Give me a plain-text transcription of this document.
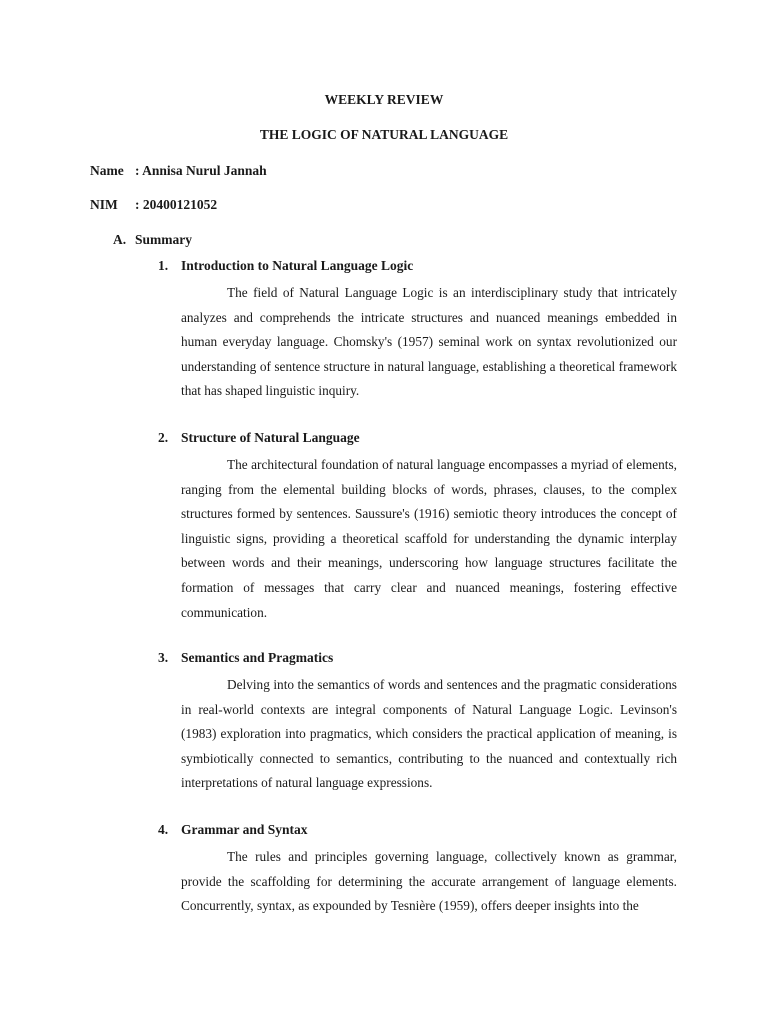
WEEKLY REVIEW
THE LOGIC OF NATURAL LANGUAGE
Name : Annisa Nurul Jannah
NIM : 20400121052
A. Summary
1. Introduction to Natural Language Logic

The field of Natural Language Logic is an interdisciplinary study that intricately analyzes and comprehends the intricate structures and nuanced meanings embedded in human everyday language. Chomsky's (1957) seminal work on syntax revolutionized our understanding of sentence structure in natural language, establishing a theoretical framework that has shaped linguistic inquiry.

2. Structure of Natural Language

The architectural foundation of natural language encompasses a myriad of elements, ranging from the elemental building blocks of words, phrases, clauses, to the complex structures formed by sentences. Saussure's (1916) semiotic theory introduces the concept of linguistic signs, providing a theoretical scaffold for understanding the dynamic interplay between words and their meanings, underscoring how language structures facilitate the formation of messages that carry clear and nuanced meanings, fostering effective communication.

3. Semantics and Pragmatics

Delving into the semantics of words and sentences and the pragmatic considerations in real-world contexts are integral components of Natural Language Logic. Levinson's (1983) exploration into pragmatics, which considers the practical application of meaning, is symbiotically connected to semantics, contributing to the nuanced and contextually rich interpretations of natural language expressions.

4. Grammar and Syntax

The rules and principles governing language, collectively known as grammar, provide the scaffolding for determining the accurate arrangement of language elements. Concurrently, syntax, as expounded by Tesnière (1959), offers deeper insights into the
